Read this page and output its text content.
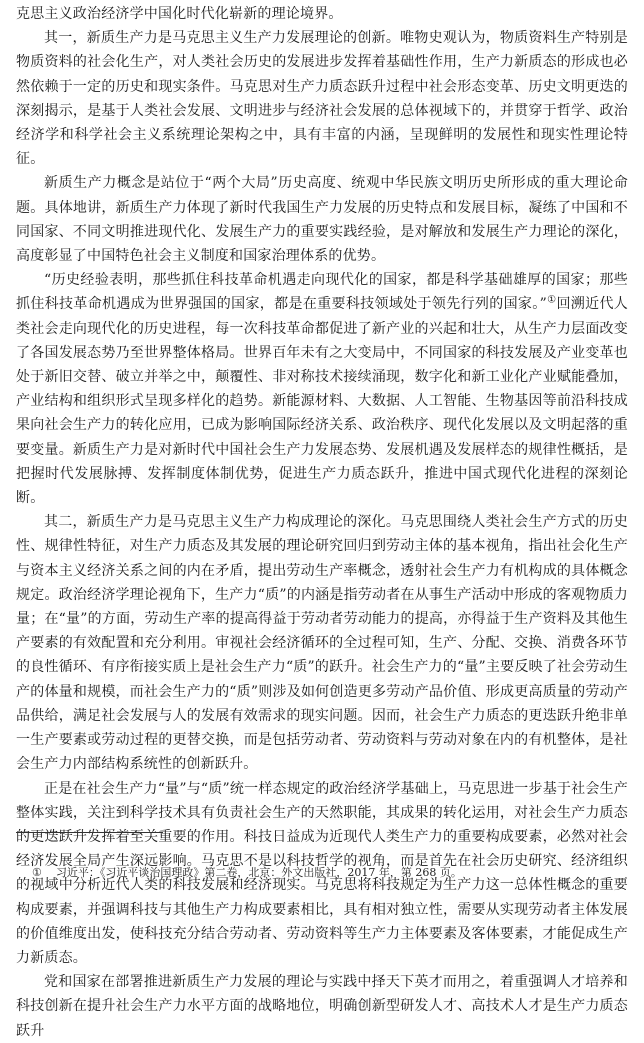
克思主义政治经济学中国化时代化崭新的理论境界。

其一，新质生产力是马克思主义生产力发展理论的创新。唯物史观认为，物质资料生产特别是物质资料的社会化生产，对人类社会历史的发展进步发挥着基础性作用，生产力新质态的形成也必然依赖于一定的历史和现实条件。马克思对生产力质态跃升过程中社会形态变革、历史文明更迭的深刻揭示，是基于人类社会发展、文明进步与经济社会发展的总体视域下的，并贯穿于哲学、政治经济学和科学社会主义系统理论架构之中，具有丰富的内涵，呈现鲜明的发展性和现实性理论特征。

新质生产力概念是站位于“两个大局”历史高度、统观中华民族文明历史所形成的重大理论命题。具体地讲，新质生产力体现了新时代我国生产力发展的历史特点和发展目标，凝练了中国和不同国家、不同文明推进现代化、发展生产力的重要实践经验，是对解放和发展生产力理论的深化，高度彰显了中国特色社会主义制度和国家治理体系的优势。

“历史经验表明，那些抓住科技革命机遇走向现代化的国家，都是科学基础雄厚的国家；那些抓住科技革命机遇成为世界强国的国家，都是在重要科技领域处于领先行列的国家。”①回溯近代人类社会走向现代化的历史进程，每一次科技革命都促进了新产业的兴起和壮大，从生产力层面改变了各国发展态势乃至世界整体格局。世界百年未有之大变局中，不同国家的科技发展及产业变革也处于新旧交替、破立并举之中，颠覆性、非对称技术接续涌现，数字化和新工业化产业赋能叠加，产业结构和组织形式呈现多样化的趋势。新能源材料、大数据、人工智能、生物基因等前沿科技成果向社会生产力的转化应用，已成为影响国际经济关系、政治秩序、现代化发展以及文明起落的重要变量。新质生产力是对新时代中国社会生产力发展态势、发展机遇及发展样态的规律性概括，是把握时代发展脉搏、发挥制度体制优势，促进生产力质态跃升，推进中国式现代化进程的深刻论断。

其二，新质生产力是马克思主义生产力构成理论的深化。马克思围绕人类社会生产方式的历史性、规律性特征，对生产力质态及其发展的理论研究回归到劳动主体的基本视角，指出社会化生产与资本主义经济关系之间的内在矛盾，提出劳动生产率概念，透射社会生产力有机构成的具体概念规定。政治经济学理论视角下，生产力“质”的内涵是指劳动者在从事生产活动中形成的客观物质力量；在“量”的方面，劳动生产率的提高得益于劳动者劳动能力的提高，亦得益于生产资料及其他生产要素的有效配置和充分利用。审视社会经济循环的全过程可知，生产、分配、交换、消费各环节的良性循环、有序衔接实质上是社会生产力“质”的跃升。社会生产力的“量”主要反映了社会劳动生产的体量和规模，而社会生产力的“质”则涉及如何创造更多劳动产品价值、形成更高质量的劳动产品供给，满足社会发展与人的发展有效需求的现实问题。因而，社会生产力质态的更迭跃升绝非单一生产要素或劳动过程的更替交换，而是包括劳动者、劳动资料与劳动对象在内的有机整体，是社会生产力内部结构系统性的创新跃升。

正是在社会生产力“量”与“质”统一样态规定的政治经济学基础上，马克思进一步基于社会生产整体实践，关注到科学技术具有负责社会生产的天然职能，其成果的转化运用，对社会生产力质态的更迭跃升发挥着至关重要的作用。科技日益成为近现代人类生产力的重要构成要素，必然对社会经济发展全局产生深远影响。马克思不是以科技哲学的视角，而是首先在社会历史研究、经济组织的视域中分析近代人类的科技发展和经济现实。马克思将科技规定为生产力这一总体性概念的重要构成要素，并强调科技与其他生产力构成要素相比，具有相对独立性，需要从实现劳动者主体发展的价值维度出发，使科技充分结合劳动者、劳动资料等生产力主体要素及客体要素，才能促成生产力新质态。

党和国家在部署推进新质生产力发展的理论与实践中择天下英才而用之，着重强调人才培养和科技创新在提升社会生产力水平方面的战略地位，明确创新型研发人才、高技术人才是生产力质态跃升

① 习近平：《习近平谈治国理政》第二卷，北京：外文出版社，2017 年，第 268 页。
